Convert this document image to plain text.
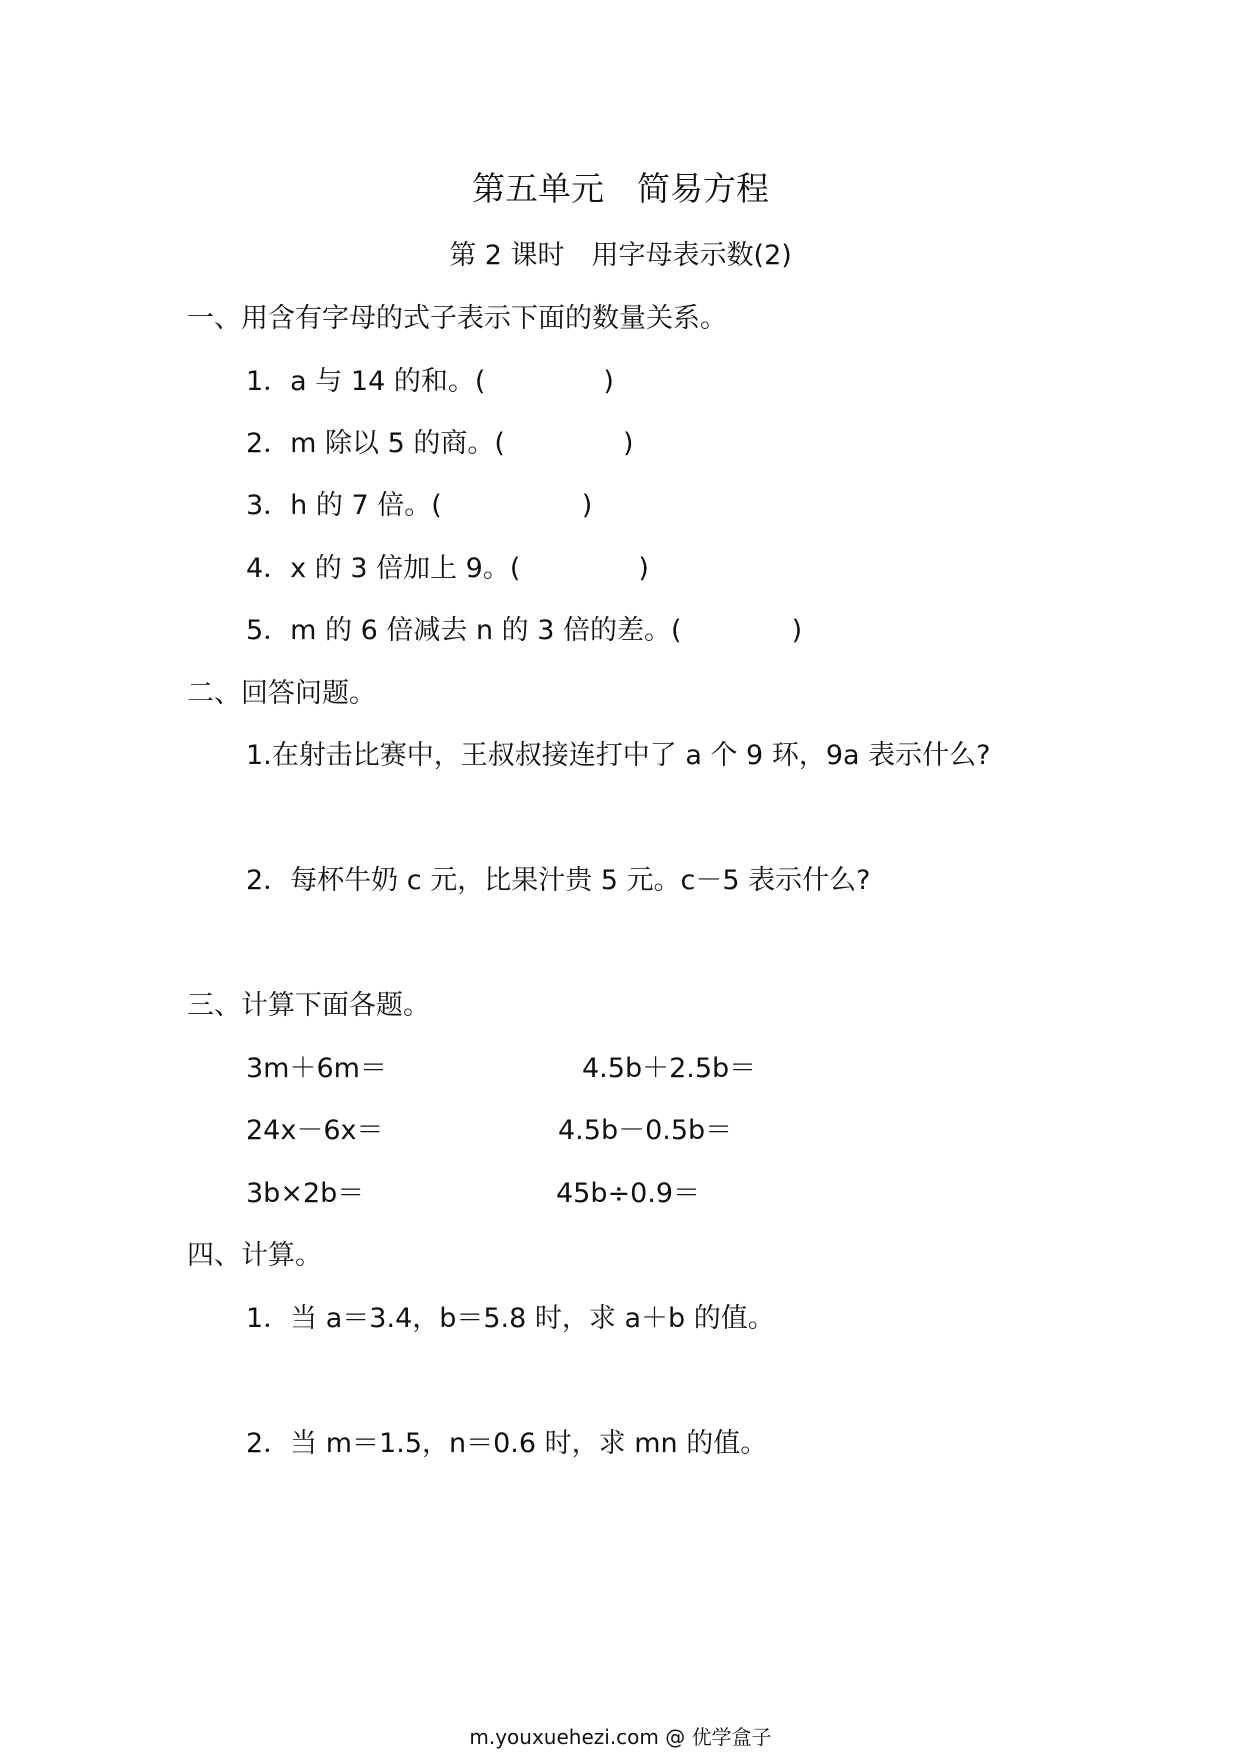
第五单元　简易方程
第 2 课时　用字母表示数(2)
一、用含有字母的式子表示下面的数量关系。
1．a 与 14 的和。(	)
2．m 除以 5 的商。(	)
3．h 的 7 倍。(	)
4．x 的 3 倍加上 9。(	)
5．m 的 6 倍减去 n 的 3 倍的差。(	)
二、回答问题。
1.在射击比赛中，王叔叔接连打中了 a 个 9 环，9a 表示什么?
2．每杯牛奶 c 元，比果汁贵 5 元。c－5 表示什么?
三、计算下面各题。
3m＋6m＝	4.5b＋2.5b＝
24x－6x＝	4.5b－0.5b＝
3b×2b＝	45b÷0.9＝
四、计算。
1．当 a＝3.4，b＝5.8 时，求 a＋b 的值。
2．当 m＝1.5，n＝0.6 时，求 mn 的值。
m.youxuehezi.com @ 优学盒子
